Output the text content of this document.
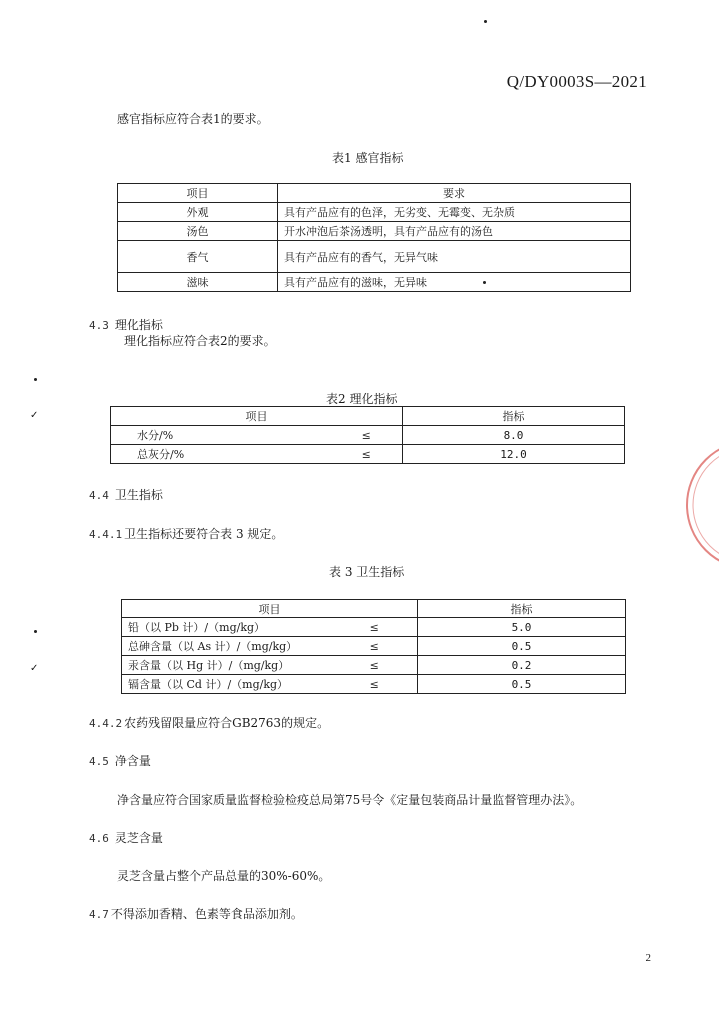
Q/DY0003S—2021
感官指标应符合表1的要求。
表1 感官指标
项目	要求
外观	具有产品应有的色泽，无劣变、无霉变、无杂质
汤色	开水冲泡后茶汤透明，具有产品应有的汤色
香气	具有产品应有的香气，无异气味
滋味	具有产品应有的滋味，无异味
4.3 理化指标
理化指标应符合表2的要求。
表2 理化指标
项目		指标
水分/%	≤	8.0
总灰分/%	≤	12.0
4.4 卫生指标
4.4.1 卫生指标还要符合表 3 规定。
表 3 卫生指标
项目		指标
铅（以 Pb 计）/（mg/kg）	≤	5.0
总砷含量（以 As 计）/（mg/kg）	≤	0.5
汞含量（以 Hg 计）/（mg/kg）	≤	0.2
镉含量（以 Cd 计）/（mg/kg）	≤	0.5
4.4.2 农药残留限量应符合GB2763的规定。
4.5 净含量
净含量应符合国家质量监督检验检疫总局第75号令《定量包装商品计量监督管理办法》。
4.6 灵芝含量
灵芝含量占整个产品总量的30%-60%。
4.7 不得添加香精、色素等食品添加剂。
2
✓
✓
